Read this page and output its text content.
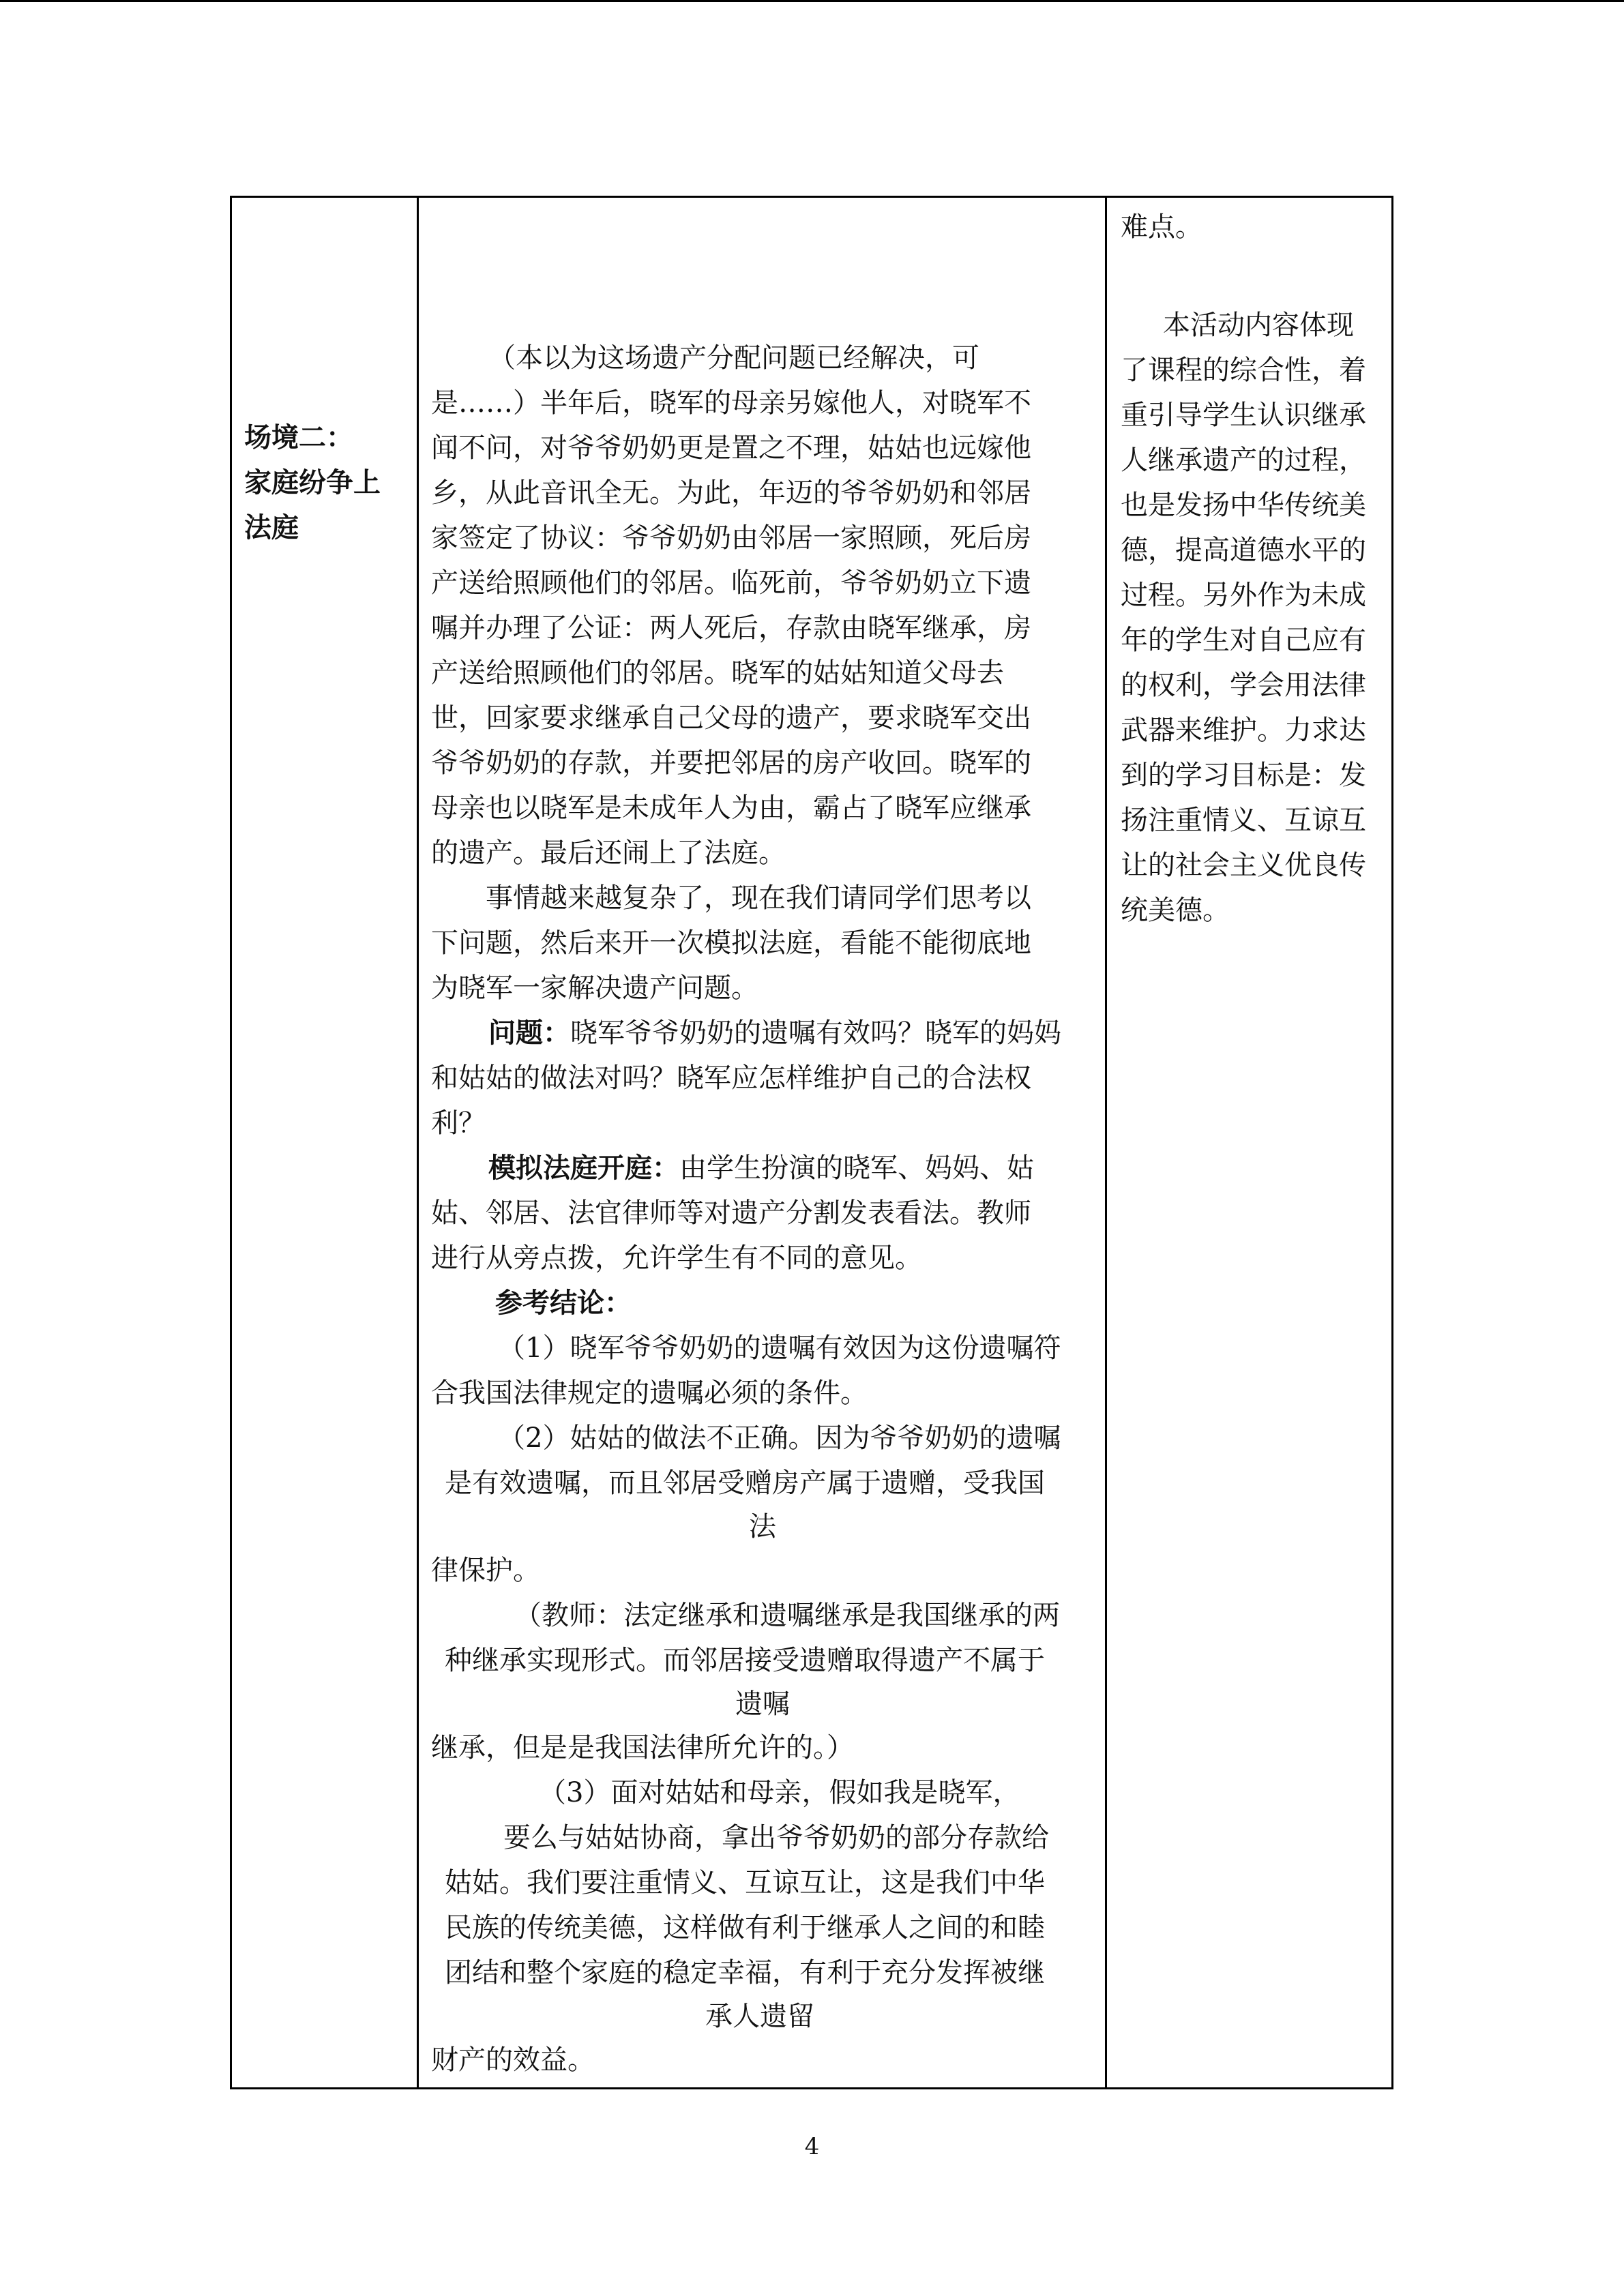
场境二：
家庭纷争上
法庭
（本以为这场遗产分配问题已经解决，可
是……）半年后，晓军的母亲另嫁他人，对晓军不
闻不问，对爷爷奶奶更是置之不理，姑姑也远嫁他
乡，从此音讯全无。为此，年迈的爷爷奶奶和邻居
家签定了协议：爷爷奶奶由邻居一家照顾，死后房
产送给照顾他们的邻居。临死前，爷爷奶奶立下遗
嘱并办理了公证：两人死后，存款由晓军继承，房
产送给照顾他们的邻居。晓军的姑姑知道父母去
世，回家要求继承自己父母的遗产，要求晓军交出
爷爷奶奶的存款，并要把邻居的房产收回。晓军的
母亲也以晓军是未成年人为由，霸占了晓军应继承
的遗产。最后还闹上了法庭。
事情越来越复杂了，现在我们请同学们思考以
下问题，然后来开一次模拟法庭，看能不能彻底地
为晓军一家解决遗产问题。
问题：晓军爷爷奶奶的遗嘱有效吗？晓军的妈妈
和姑姑的做法对吗？晓军应怎样维护自己的合法权
利？
模拟法庭开庭：由学生扮演的晓军、妈妈、姑
姑、邻居、法官律师等对遗产分割发表看法。教师
进行从旁点拨，允许学生有不同的意见。
参考结论：
（1）晓军爷爷奶奶的遗嘱有效因为这份遗嘱符
合我国法律规定的遗嘱必须的条件。
（2）姑姑的做法不正确。因为爷爷奶奶的遗嘱
是有效遗嘱，而且邻居受赠房产属于遗赠，受我国
法
律保护。
（教师：法定继承和遗嘱继承是我国继承的两
种继承实现形式。而邻居接受遗赠取得遗产不属于
遗嘱
继承，但是是我国法律所允许的。）
（3）面对姑姑和母亲，假如我是晓军，
要么与姑姑协商，拿出爷爷奶奶的部分存款给
姑姑。我们要注重情义、互谅互让，这是我们中华
民族的传统美德，这样做有利于继承人之间的和睦
团结和整个家庭的稳定幸福，有利于充分发挥被继
承人遗留
财产的效益。
难点。
本活动内容体现
了课程的综合性，着
重引导学生认识继承
人继承遗产的过程，
也是发扬中华传统美
德，提高道德水平的
过程。另外作为未成
年的学生对自己应有
的权利，学会用法律
武器来维护。力求达
到的学习目标是：发
扬注重情义、互谅互
让的社会主义优良传
统美德。
4
